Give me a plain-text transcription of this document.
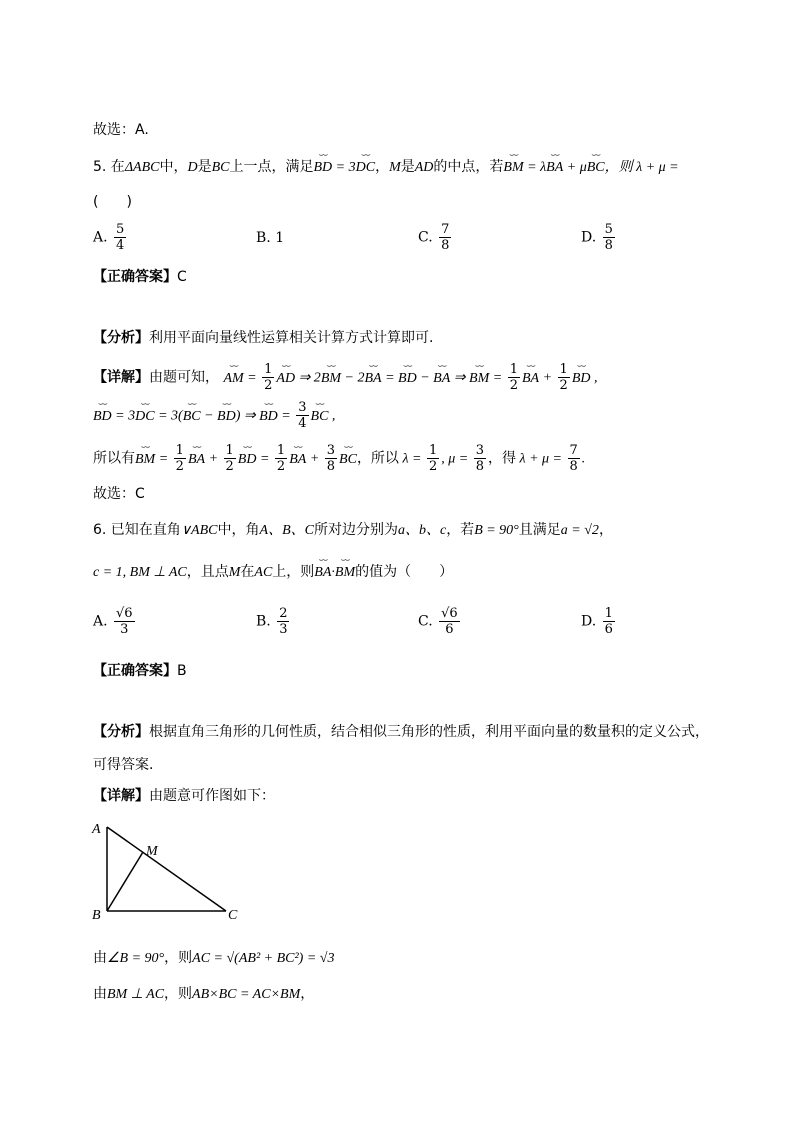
故选：A.
5. 在ΔABC中，D是BC上一点，满足⌣⌣ BD = 3⌣⌣ DC，M是AD的中点，若⌣⌣ BM = λ⌣⌣ BA + μ⌣⌣ BC，则 λ + μ =
(　　)
A. $\frac{5}{4}$	B. 1	C. $\frac{7}{8}$	D. $\frac{5}{8}$
【正确答案】C
【分析】利用平面向量线性运算相关计算方式计算即可.
【详解】由题可知， ⌣⌣ AM = $\frac{1}{2}$ ⌣⌣ AD ⇒ 2⌣⌣ BM − 2⌣⌣ BA = ⌣⌣ BD − ⌣⌣ BA ⇒ ⌣⌣ BM = $\frac{1}{2}$ ⌣⌣ BA + $\frac{1}{2}$ ⌣⌣ BD ,
⌣⌣ BD = 3⌣⌣ DC = 3(⌣⌣ BC − ⌣⌣ BD) ⇒ ⌣⌣ BD = $\frac{3}{4}$ ⌣⌣ BC ,
所以有⌣⌣ BM = $\frac{1}{2}$ ⌣⌣ BA + $\frac{1}{2}$ ⌣⌣ BD = $\frac{1}{2}$ ⌣⌣ BA + $\frac{3}{8}$ ⌣⌣ BC，所以 $\lambda = \frac{1}{2}$ , $\mu = \frac{3}{8}$ ，得 $\lambda + \mu = \frac{7}{8}$ .
故选：C
6. 已知在直角∨ABC中，角A、B、C所对边分别为a、b、c，若B = 90°且满足a = √2，
c = 1, BM ⊥ AC，且点M在AC上，则⌣⌣ BA·⌣⌣ BM的值为（　　）
A. $\frac{√6}{3}$	B. $\frac{2}{3}$	C. $\frac{√6}{6}$	D. $\frac{1}{6}$
【正确答案】B
【分析】根据直角三角形的几何性质，结合相似三角形的性质，利用平面向量的数量积的定义公式，
可得答案.
【详解】由题意可作图如下：
A
M
B	C
由∠B = 90°，则AC = √(AB² + BC²) = √3
由BM ⊥ AC，则AB×BC = AC×BM，
